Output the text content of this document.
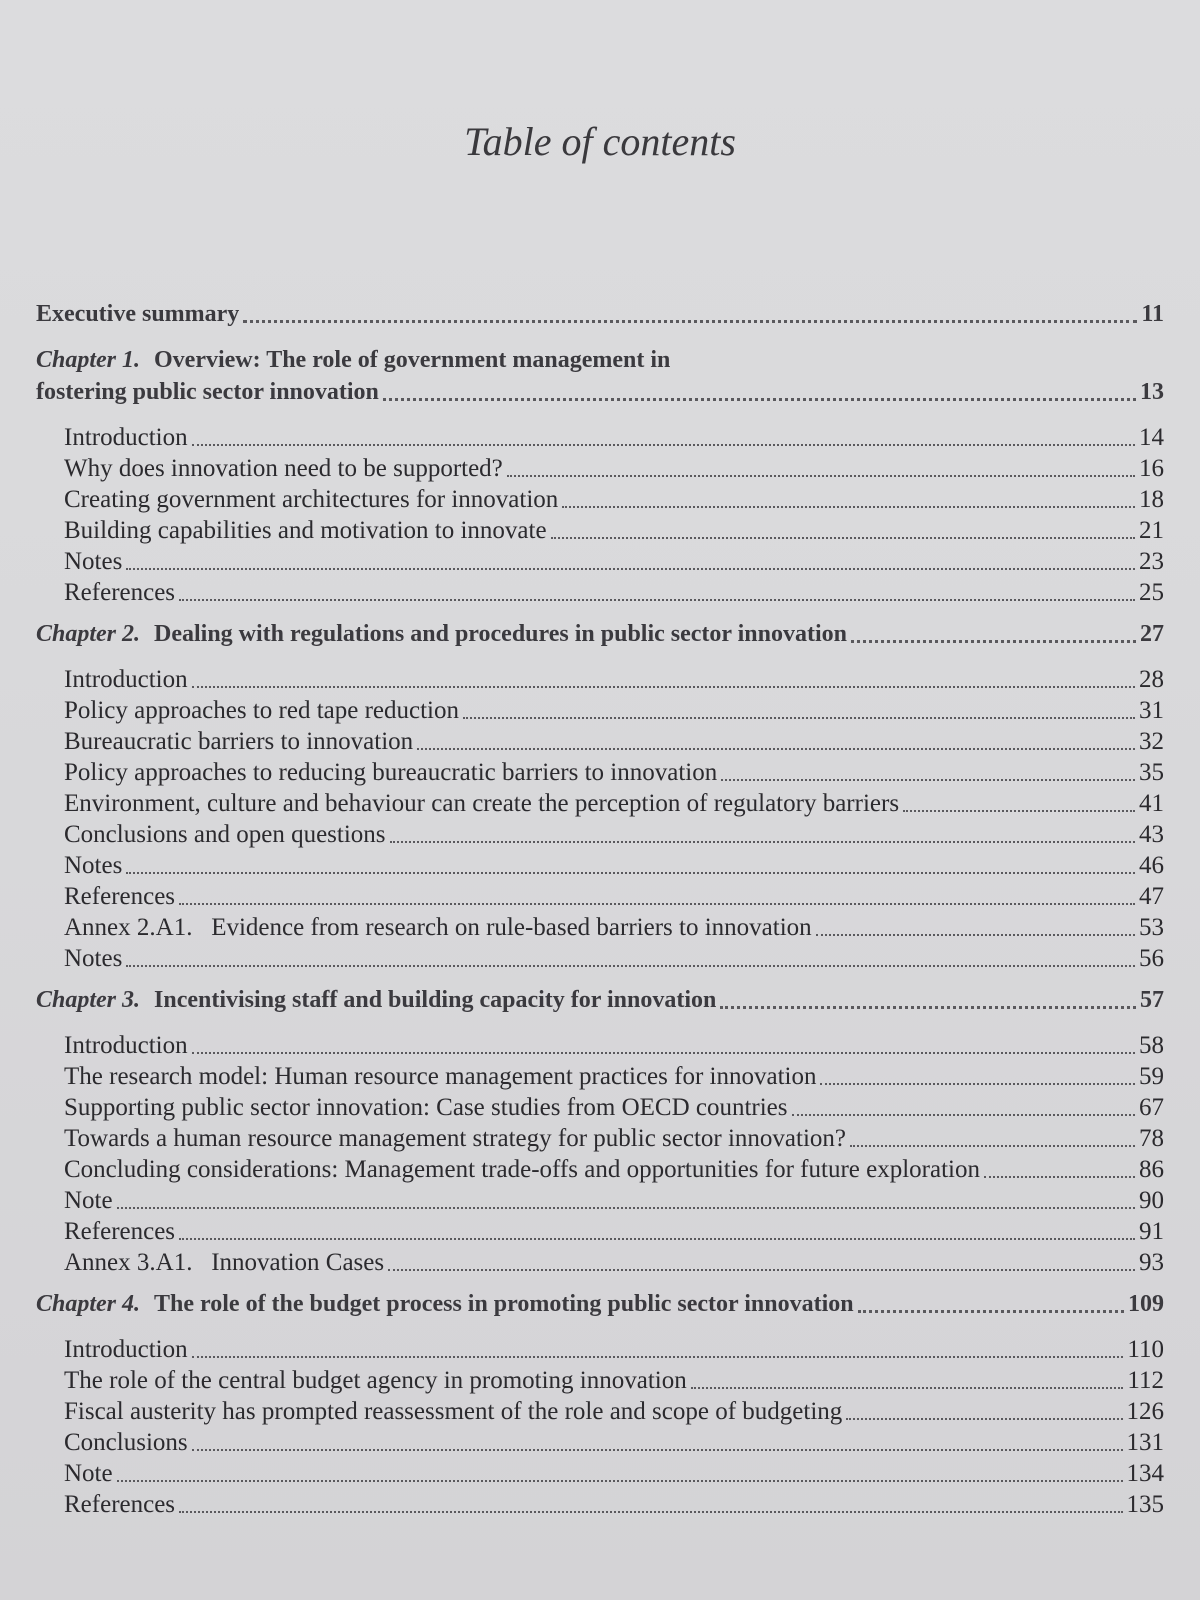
Table of contents
Executive summary	11
Chapter 1. Overview: The role of government management in
fostering public sector innovation	13
Introduction	14
Why does innovation need to be supported?	16
Creating government architectures for innovation	18
Building capabilities and motivation to innovate	21
Notes	23
References	25
Chapter 2. Dealing with regulations and procedures in public sector innovation	27
Introduction	28
Policy approaches to red tape reduction	31
Bureaucratic barriers to innovation	32
Policy approaches to reducing bureaucratic barriers to innovation	35
Environment, culture and behaviour can create the perception of regulatory barriers	41
Conclusions and open questions	43
Notes	46
References	47
Annex 2.A1.   Evidence from research on rule-based barriers to innovation	53
Notes	56
Chapter 3. Incentivising staff and building capacity for innovation	57
Introduction	58
The research model: Human resource management practices for innovation	59
Supporting public sector innovation: Case studies from OECD countries	67
Towards a human resource management strategy for public sector innovation?	78
Concluding considerations: Management trade-offs and opportunities for future exploration	86
Note	90
References	91
Annex 3.A1.   Innovation Cases	93
Chapter 4. The role of the budget process in promoting public sector innovation	109
Introduction	110
The role of the central budget agency in promoting innovation	112
Fiscal austerity has prompted reassessment of the role and scope of budgeting	126
Conclusions	131
Note	134
References	135
